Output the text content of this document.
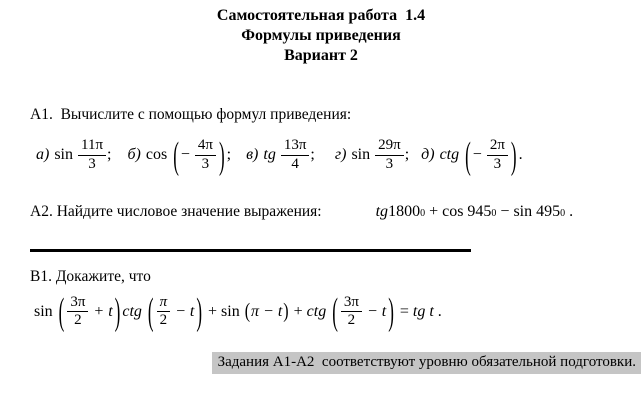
Самостоятельная работа  1.4
Формулы приведения
Вариант 2
А1.  Вычислите с помощью формул приведения:
а) $\sin \frac{11\pi}{3}$ ; б) cos ( − $\frac{4\pi}{3}$ ) ; в) tg $\frac{13\pi}{4}$ ; г) $\sin \frac{29\pi}{3}$ ; д) ctg ( − $\frac{2\pi}{3}$ ) .
А2. Найдите числовое значение выражения:	tg 1800 0 + cos 945 0 − sin 495 0 .
В1. Докажите, что
sin ( $\frac{3\pi}{2} + t$ ) ctg ( $\frac{\pi}{2} - t$ ) + sin ( π − t ) + ctg ( $\frac{3\pi}{2} - t$ ) = tg t .
Задания А1-А2  соответствуют уровню обязательной подготовки.
